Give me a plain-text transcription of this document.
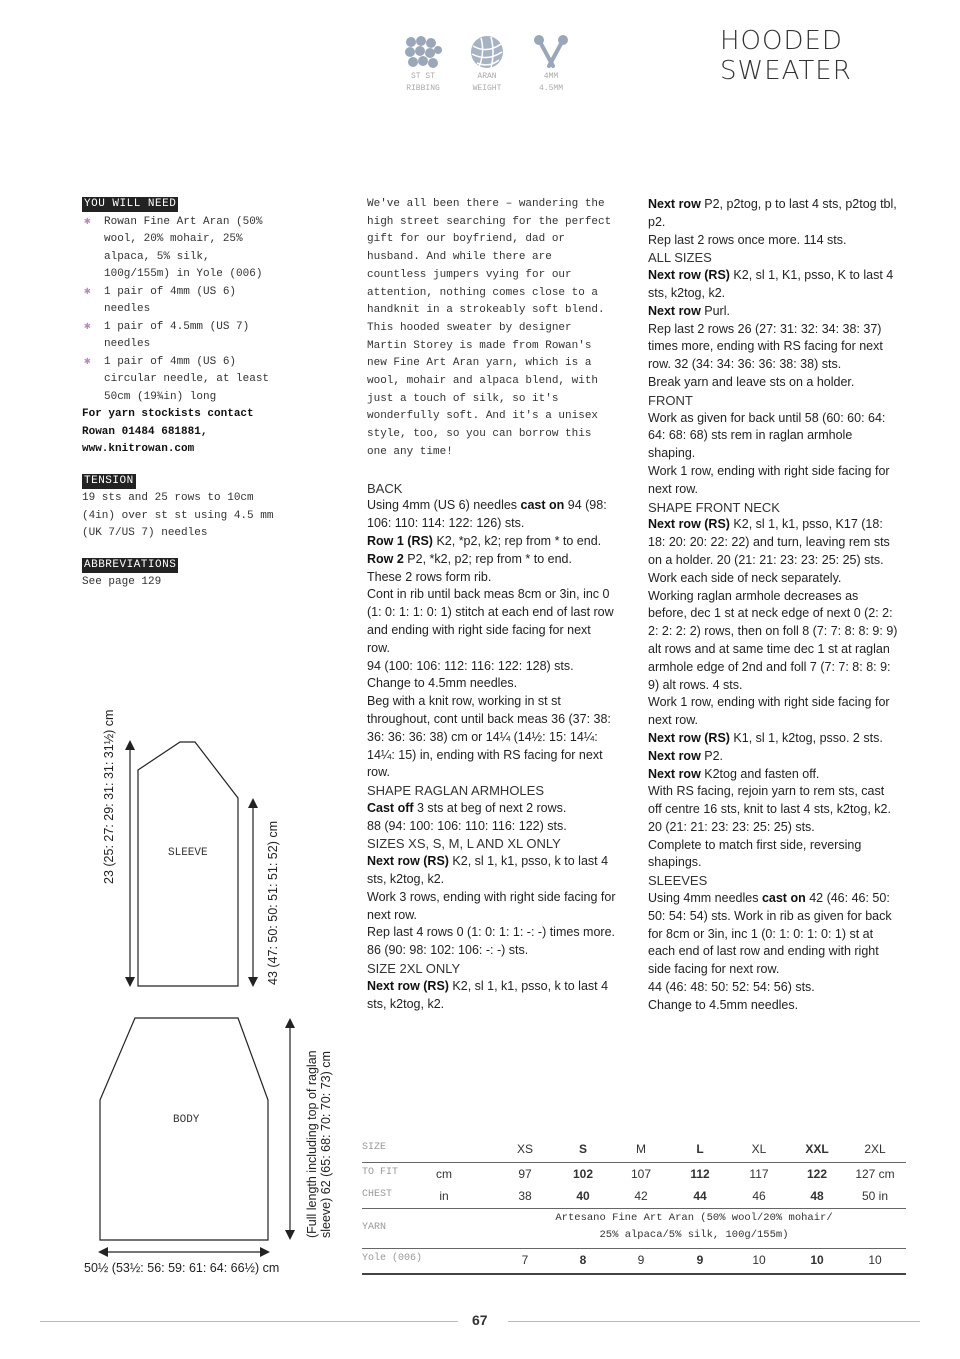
HOODED SWEATER
ST ST
RIBBING
ARAN
WEIGHT
4MM
4.5MM
YOU WILL NEED
✱ Rowan Fine Art Aran (50% wool, 20% mohair, 25% alpaca, 5% silk, 100g/155m) in Yole (006)
✱ 1 pair of 4mm (US 6) needles
✱ 1 pair of 4.5mm (US 7) needles
✱ 1 pair of 4mm (US 6) circular needle, at least 50cm (19¾in) long

For yarn stockists contact Rowan 01484 681881, www.knitrowan.com

TENSION

19 sts and 25 rows to 10cm (4in) over st st using 4.5 mm (UK 7/US 7) needles

ABBREVIATIONS

See page 129

SLEEVE
23 (25: 27: 29: 31: 31: 31½) cm
43 (47: 50: 50: 51: 51: 52) cm
BODY	(Full length including top of raglan sleeve) 62 (65: 68: 70: 70: 73) cm
50½ (53½: 56: 59: 61: 64: 66½) cm

We've all been there – wandering the high street searching for the perfect gift for our boyfriend, dad or husband. And while there are countless jumpers vying for our attention, nothing comes close to a handknit in a strokeably soft blend. This hooded sweater by designer Martin Storey is made from Rowan's new Fine Art Aran yarn, which is a wool, mohair and alpaca blend, with just a touch of silk, so it's wonderfully soft. And it's a unisex style, too, so you can borrow this one any time!

BACK

Using 4mm (US 6) needles cast on 94 (98: 106: 110: 114: 122: 126) sts.

Row 1 (RS) K2, *p2, k2; rep from * to end.

Row 2 P2, *k2, p2; rep from * to end.

These 2 rows form rib.

Cont in rib until back meas 8cm or 3in, inc 0 (1: 0: 1: 1: 0: 1) stitch at each end of last row and ending with right side facing for next row.

94 (100: 106: 112: 116: 122: 128) sts.

Change to 4.5mm needles.

Beg with a knit row, working in st st throughout, cont until back meas 36 (37: 38: 36: 36: 36: 38) cm or 14¼ (14½: 15: 14¼: 14¼: 15) in, ending with RS facing for next row.

SHAPE RAGLAN ARMHOLES

Cast off 3 sts at beg of next 2 rows.

88 (94: 100: 106: 110: 116: 122) sts.

SIZES XS, S, M, L AND XL ONLY

Next row (RS) K2, sl 1, k1, psso, k to last 4 sts, k2tog, k2.

Work 3 rows, ending with right side facing for next row.

Rep last 4 rows 0 (1: 0: 1: 1: -: -) times more.

86 (90: 98: 102: 106: -: -) sts.

SIZE 2XL ONLY

Next row (RS) K2, sl 1, k1, psso, k to last 4 sts, k2tog, k2.

Next row P2, p2tog, p to last 4 sts, p2tog tbl, p2.

Rep last 2 rows once more. 114 sts.

ALL SIZES

Next row (RS) K2, sl 1, K1, psso, K to last 4 sts, k2tog, k2.

Next row Purl.

Rep last 2 rows 26 (27: 31: 32: 34: 38: 37) times more, ending with RS facing for next row. 32 (34: 34: 36: 36: 38: 38) sts.

Break yarn and leave sts on a holder.

FRONT

Work as given for back until 58 (60: 60: 64: 64: 68: 68) sts rem in raglan armhole shaping.

Work 1 row, ending with right side facing for next row.

SHAPE FRONT NECK

Next row (RS) K2, sl 1, k1, psso, K17 (18: 18: 20: 20: 22: 22) and turn, leaving rem sts on a holder. 20 (21: 21: 23: 23: 25: 25) sts.

Work each side of neck separately.

Working raglan armhole decreases as before, dec 1 st at neck edge of next 0 (2: 2: 2: 2: 2: 2) rows, then on foll 8 (7: 7: 8: 8: 9: 9) alt rows and at same time dec 1 st at raglan armhole edge of 2nd and foll 7 (7: 7: 8: 8: 9: 9) alt rows. 4 sts.

Work 1 row, ending with right side facing for next row.

Next row (RS) K1, sl 1, k2tog, psso. 2 sts.

Next row P2.

Next row K2tog and fasten off.

With RS facing, rejoin yarn to rem sts, cast off centre 16 sts, knit to last 4 sts, k2tog, k2. 20 (21: 21: 23: 23: 25: 25) sts.

Complete to match first side, reversing shapings.

SLEEVES

Using 4mm needles cast on 42 (46: 46: 50: 50: 54: 54) sts. Work in rib as given for back for 8cm or 3in, inc 1 (0: 1: 0: 1: 0: 1) st at each end of last row and ending with right side facing for next row.

44 (46: 48: 50: 52: 54: 56) sts.

Change to 4.5mm needles.

SIZE	XS	S	M	L	XL	XXL	2XL
TO FIT	cm	97	102	107	112	117	122	127 cm
CHEST	in	38	40	42	44	46	48	50 in
YARN
Artesano Fine Art Aran (50% wool/20% mohair/
25% alpaca/5% silk, 100g/155m)
Yole (006)	7	8	9	9	10	10	10
67
